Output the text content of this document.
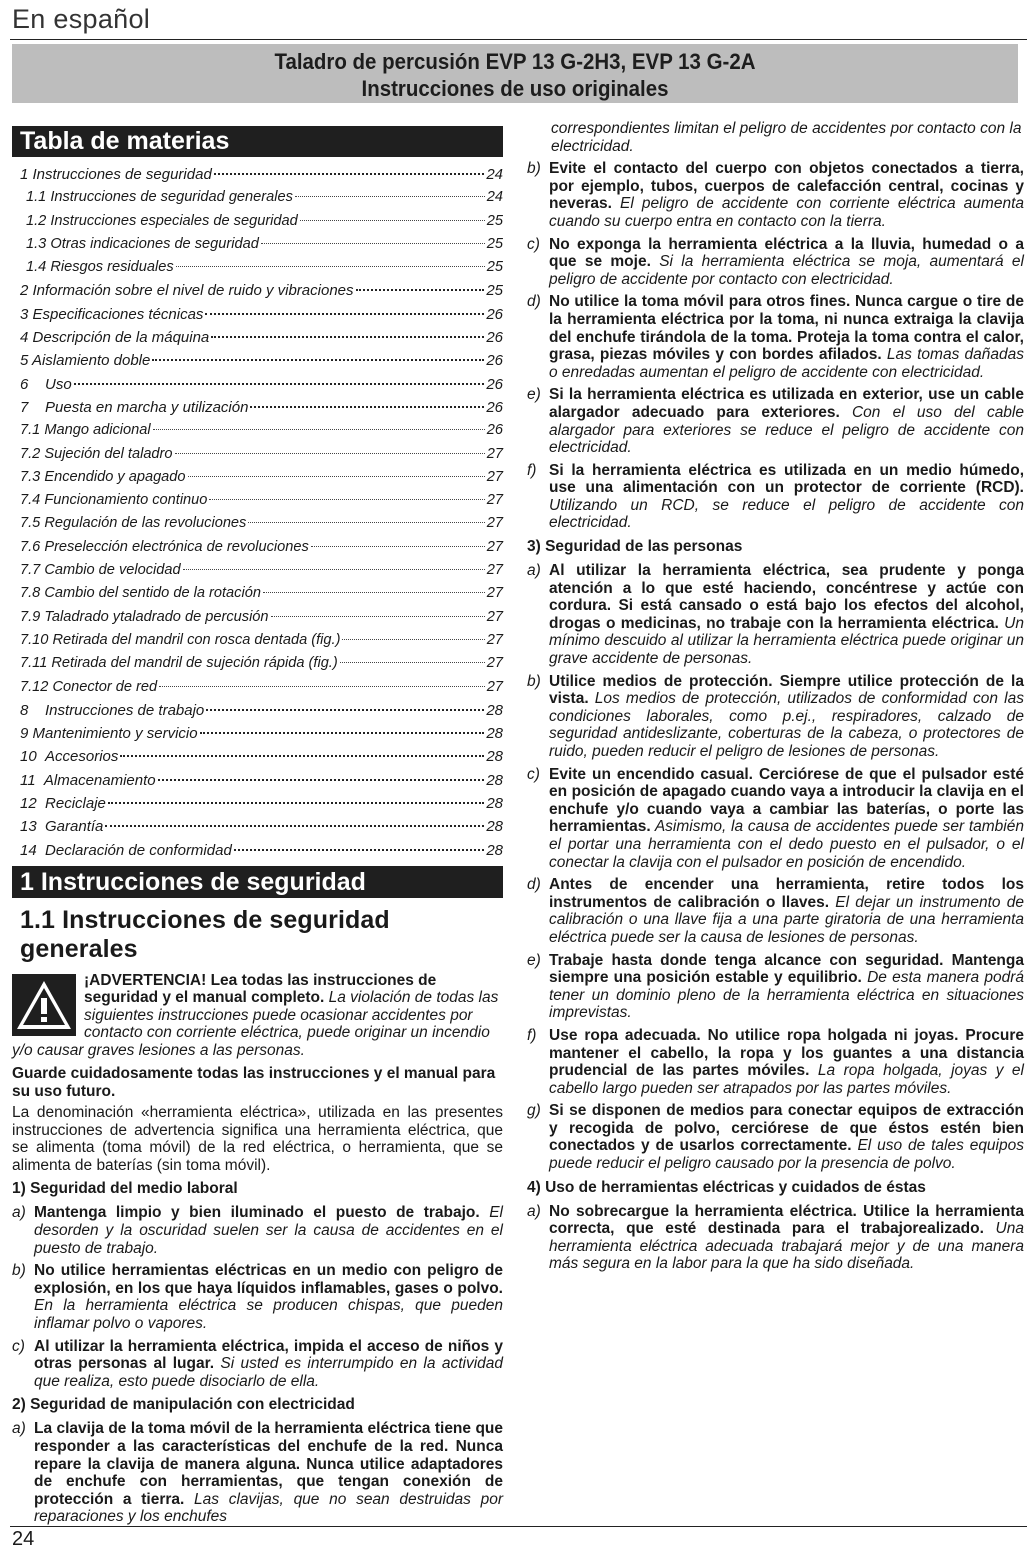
En español
Taladro de percusión EVP 13 G-2H3, EVP 13 G-2A
Instrucciones de uso originales
Tabla de materias
1 Instrucciones de seguridad	24
1.1 Instrucciones de seguridad generales	24
1.2 Instrucciones especiales de seguridad	25
1.3 Otras indicaciones de seguridad	25
1.4 Riesgos residuales	25
2 Información sobre el nivel de ruido y vibraciones	25
3 Especificaciones técnicas	26
4 Descripción de la máquina	26
5 Aislamiento doble	26
6    Uso	26
7    Puesta en marcha y utilización	26
7.1 Mango adicional	26
7.2 Sujeción del taladro	27
7.3 Encendido y apagado	27
7.4 Funcionamiento continuo	27
7.5 Regulación de las revoluciones	27
7.6 Preselección electrónica de revoluciones	27
7.7 Cambio de velocidad	27
7.8 Cambio del sentido de la rotación	27
7.9 Taladrado ytaladrado de percusión	27
7.10 Retirada del mandril con rosca dentada (fig.)	27
7.11 Retirada del mandril de sujeción rápida (fig.)	27
7.12 Conector de red	27
8    Instrucciones de trabajo	28
9 Mantenimiento y servicio	28
10  Accesorios	28
11  Almacenamiento	28
12  Reciclaje	28
13  Garantía	28
14  Declaración de conformidad	28
1 Instrucciones de seguridad
1.1 Instrucciones de seguridad generales
¡ADVERTENCIA! Lea todas las instrucciones de seguridad y el manual completo. La violación de todas las siguientes instrucciones puede ocasionar accidentes por contacto con corriente eléctrica, puede originar un incendio y/o causar graves lesiones a las personas.
Guarde cuidadosamente todas las instrucciones y el manual para su uso futuro.
La denominación «herramienta eléctrica», utilizada en las presentes instrucciones de advertencia significa una herramienta eléctrica, que se alimenta (toma móvil) de la red eléctrica, o herramienta, que se alimenta de baterías (sin toma móvil).
1) Seguridad del medio laboral
a) Mantenga limpio y bien iluminado el puesto de trabajo. El desorden y la oscuridad suelen ser la causa de accidentes en el puesto de trabajo.
b) No utilice herramientas eléctricas en un medio con peligro de explosión, en los que haya líquidos inflamables, gases o polvo. En la herramienta eléctrica se producen chispas, que pueden inflamar polvo o vapores.
c) Al utilizar la herramienta eléctrica, impida el acceso de niños y otras personas al lugar. Si usted es interrumpido en la actividad que realiza, esto puede disociarlo de ella.
2) Seguridad de manipulación con electricidad
a) La clavija de la toma móvil de la herramienta eléctrica tiene que responder a las características del enchufe de la red. Nunca repare la clavija de manera alguna. Nunca utilice adaptadores de enchufe con herramientas, que tengan conexión de protección a tierra. Las clavijas, que no sean destruidas por reparaciones y los enchufes
correspondientes limitan el peligro de accidentes por contacto con la electricidad.
b) Evite el contacto del cuerpo con objetos conectados a tierra, por ejemplo, tubos, cuerpos de calefacción central, cocinas y neveras. El peligro de accidente con corriente eléctrica aumenta cuando su cuerpo entra en contacto con la tierra.
c) No exponga la herramienta eléctrica a la lluvia, humedad o a que se moje. Si la herramienta eléctrica se moja, aumentará el peligro de accidente por contacto con electricidad.
d) No utilice la toma móvil para otros fines. Nunca cargue o tire de la herramienta eléctrica por la toma, ni nunca extraiga la clavija del enchufe tirándola de la toma. Proteja la toma contra el calor, grasa, piezas móviles y con bordes afilados. Las tomas dañadas o enredadas aumentan el peligro de accidente con electricidad.
e) Si la herramienta eléctrica es utilizada en exterior, use un cable alargador adecuado para exteriores. Con el uso del cable alargador para exteriores se reduce el peligro de accidente con electricidad.
f) Si la herramienta eléctrica es utilizada en un medio húmedo, use una alimentación con un protector de corriente (RCD). Utilizando un RCD, se reduce el peligro de accidente con electricidad.
3) Seguridad de las personas
a) Al utilizar la herramienta eléctrica, sea prudente y ponga atención a lo que esté haciendo, concéntrese y actúe con cordura. Si está cansado o está bajo los efectos del alcohol, drogas o medicinas, no trabaje con la herramienta eléctrica. Un mínimo descuido al utilizar la herramienta eléctrica puede originar un grave accidente de personas.
b) Utilice medios de protección. Siempre utilice protección de la vista. Los medios de protección, utilizados de conformidad con las condiciones laborales, como p.ej., respiradores, calzado de seguridad antideslizante, coberturas de la cabeza, o protectores de ruido, pueden reducir el peligro de lesiones de personas.
c) Evite un encendido casual. Cerciórese de que el pulsador esté en posición de apagado cuando vaya a introducir la clavija en el enchufe y/o cuando vaya a cambiar las baterías, o porte las herramientas. Asimismo, la causa de accidentes puede ser también el portar una herramienta con el dedo puesto en el pulsador, o el conectar la clavija con el pulsador en posición de encendido.
d) Antes de encender una herramienta, retire todos los instrumentos de calibración o llaves. El dejar un instrumento de calibración o una llave fija a una parte giratoria de una herramienta eléctrica puede ser la causa de lesiones de personas.
e) Trabaje hasta donde tenga alcance con seguridad. Mantenga siempre una posición estable y equilibrio. De esta manera podrá tener un dominio pleno de la herramienta eléctrica en situaciones imprevistas.
f) Use ropa adecuada. No utilice ropa holgada ni joyas. Procure mantener el cabello, la ropa y los guantes a una distancia prudencial de las partes móviles. La ropa holgada, joyas y el cabello largo pueden ser atrapados por las partes móviles.
g) Si se disponen de medios para conectar equipos de extracción y recogida de polvo, cerciórese de que éstos estén bien conectados y de usarlos correctamente. El uso de tales equipos puede reducir el peligro causado por la presencia de polvo.
4) Uso de herramientas eléctricas y cuidados de éstas
a) No sobrecargue la herramienta eléctrica. Utilice la herramienta correcta, que esté destinada para el trabajorealizado. Una herramienta eléctrica adecuada trabajará mejor y de una manera más segura en la labor para la que ha sido diseñada.
24
